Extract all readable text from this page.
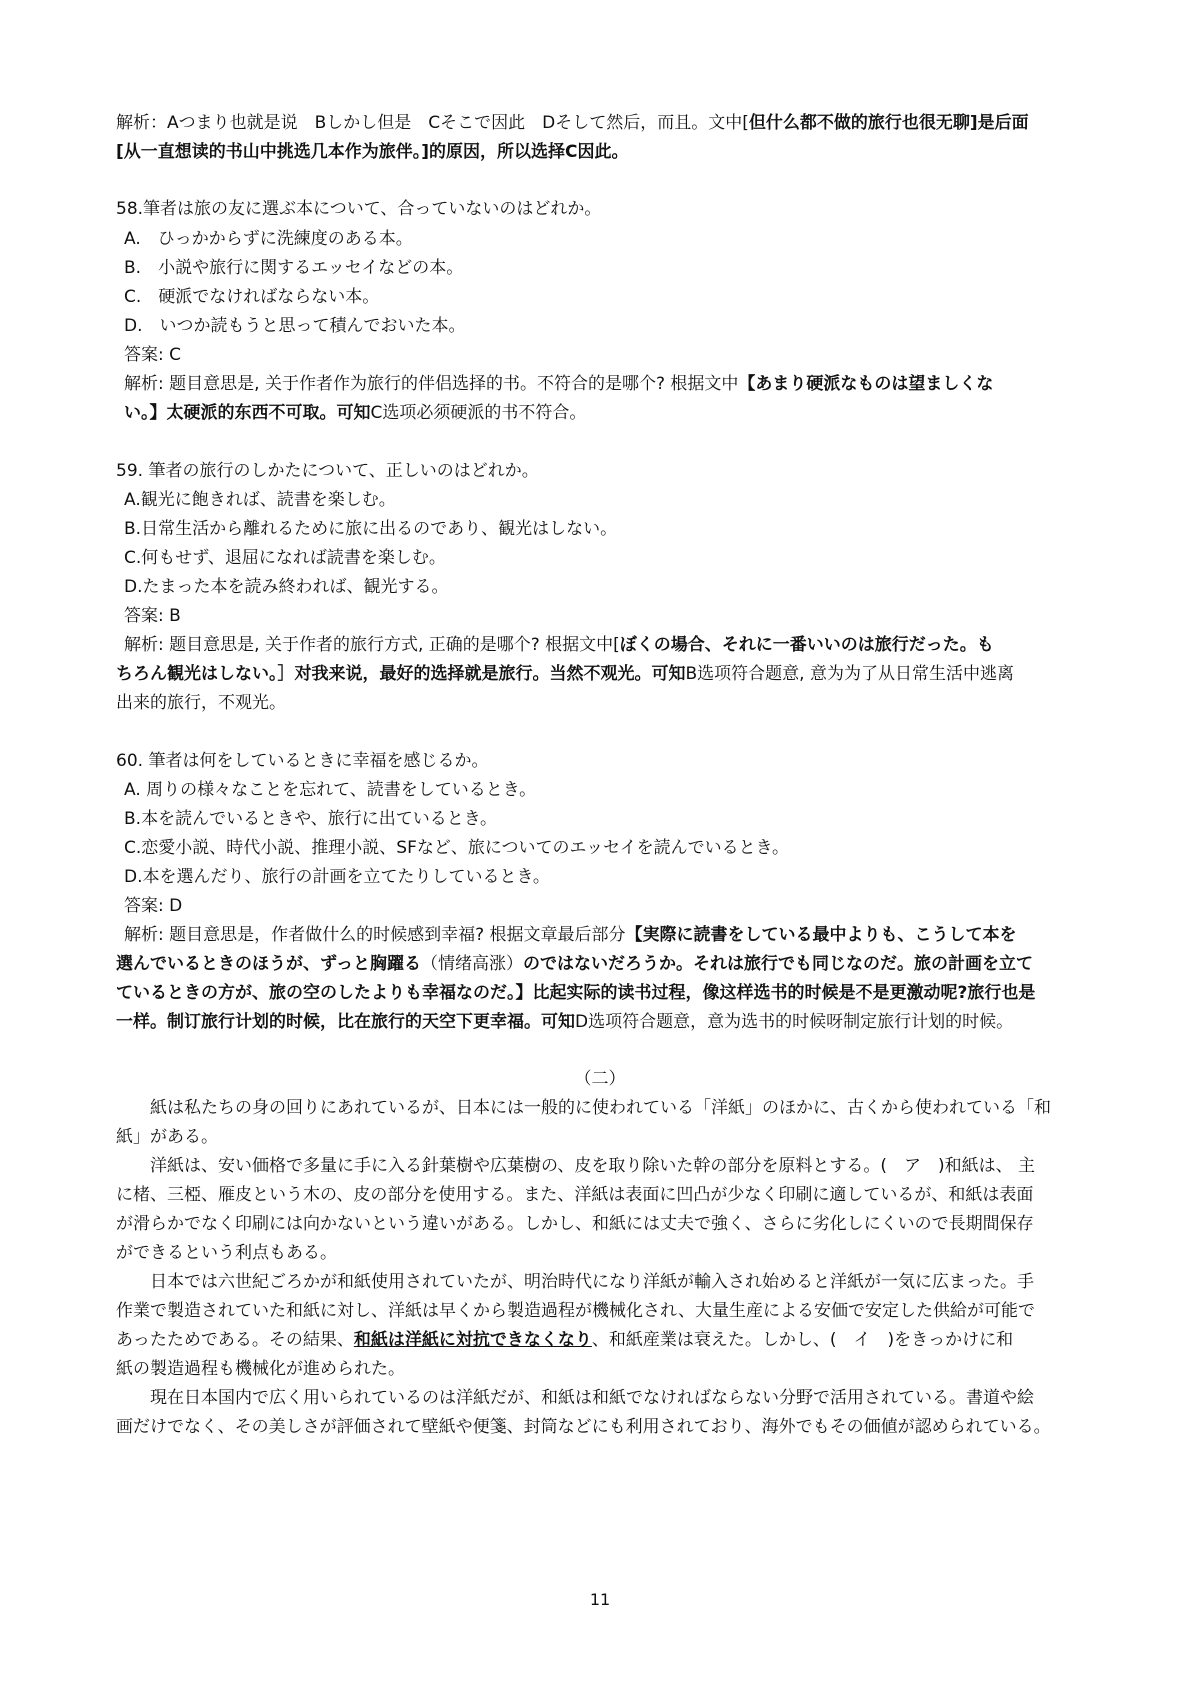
解析：Aつまり也就是说　Bしかし但是　Cそこで因此　Dそして然后，而且。文中[但什么都不做的旅行也很无聊]是后面
[从一直想读的书山中挑选几本作为旅伴。]的原因，所以选择C因此。
58.筆者は旅の友に選ぶ本について、合っていないのはどれか。
A.　ひっかからずに洗練度のある本。
B.　小説や旅行に関するエッセイなどの本。
C.　硬派でなければならない本。
D.　いつか読もうと思って積んでおいた本。
答案: C
解析: 题目意思是, 关于作者作为旅行的伴侣选择的书。不符合的是哪个? 根据文中【あまり硬派なものは望ましくな
い。】太硬派的东西不可取。可知C选项必须硬派的书不符合。
59. 筆者の旅行のしかたについて、正しいのはどれか。
A.観光に飽きれば、読書を楽しむ。
B.日常生活から離れるために旅に出るのであり、観光はしない。
C.何もせず、退屈になれば読書を楽しむ。
D.たまった本を読み終われば、観光する。
答案: B
解析: 题目意思是, 关于作者的旅行方式, 正确的是哪个? 根据文中[ぼくの場合、それに一番いいのは旅行だった。も
ちろん観光はしない。］对我来说，最好的选择就是旅行。当然不观光。可知B选项符合题意, 意为为了从日常生活中逃离
出来的旅行，不观光。
60. 筆者は何をしているときに幸福を感じるか。
A. 周りの様々なことを忘れて、読書をしているとき。
B.本を読んでいるときや、旅行に出ているとき。
C.恋愛小説、時代小説、推理小説、SFなど、旅についてのエッセイを読んでいるとき。
D.本を選んだり、旅行の計画を立てたりしているとき。
答案: D
解析: 题目意思是，作者做什么的时候感到幸福? 根据文章最后部分【実際に読書をしている最中よりも、こうして本を
選んでいるときのほうが、ずっと胸躍る（情绪高涨）のではないだろうか。それは旅行でも同じなのだ。旅の計画を立て
ているときの方が、旅の空のしたよりも幸福なのだ。】比起实际的读书过程，像这样选书的时候是不是更激动呢?旅行也是
一样。制订旅行计划的时候，比在旅行的天空下更幸福。可知D选项符合题意，意为选书的时候呀制定旅行计划的时候。
（二）
紙は私たちの身の回りにあれているが、日本には一般的に使われている「洋紙」のほかに、古くから使われている「和
紙」がある。
洋紙は、安い価格で多量に手に入る針葉樹や広葉樹の、皮を取り除いた幹の部分を原料とする。(　ア　)和紙は、 主
に楮、三椏、雁皮という木の、皮の部分を使用する。また、洋紙は表面に凹凸が少なく印刷に適しているが、和紙は表面
が滑らかでなく印刷には向かないという違いがある。しかし、和紙には丈夫で強く、さらに劣化しにくいので長期間保存
ができるという利点もある。
日本では六世紀ごろかが和紙使用されていたが、明治時代になり洋紙が輸入され始めると洋紙が一気に広まった。手
作業で製造されていた和紙に対し、洋紙は早くから製造過程が機械化され、大量生産による安価で安定した供給が可能で
あったためである。その結果、和紙は洋紙に対抗できなくなり、和紙産業は衰えた。しかし、(　イ　)をきっかけに和
紙の製造過程も機械化が進められた。
現在日本国内で広く用いられているのは洋紙だが、和紙は和紙でなければならない分野で活用されている。書道や絵
画だけでなく、その美しさが評価されて壁紙や便箋、封筒などにも利用されており、海外でもその価値が認められている。
11
